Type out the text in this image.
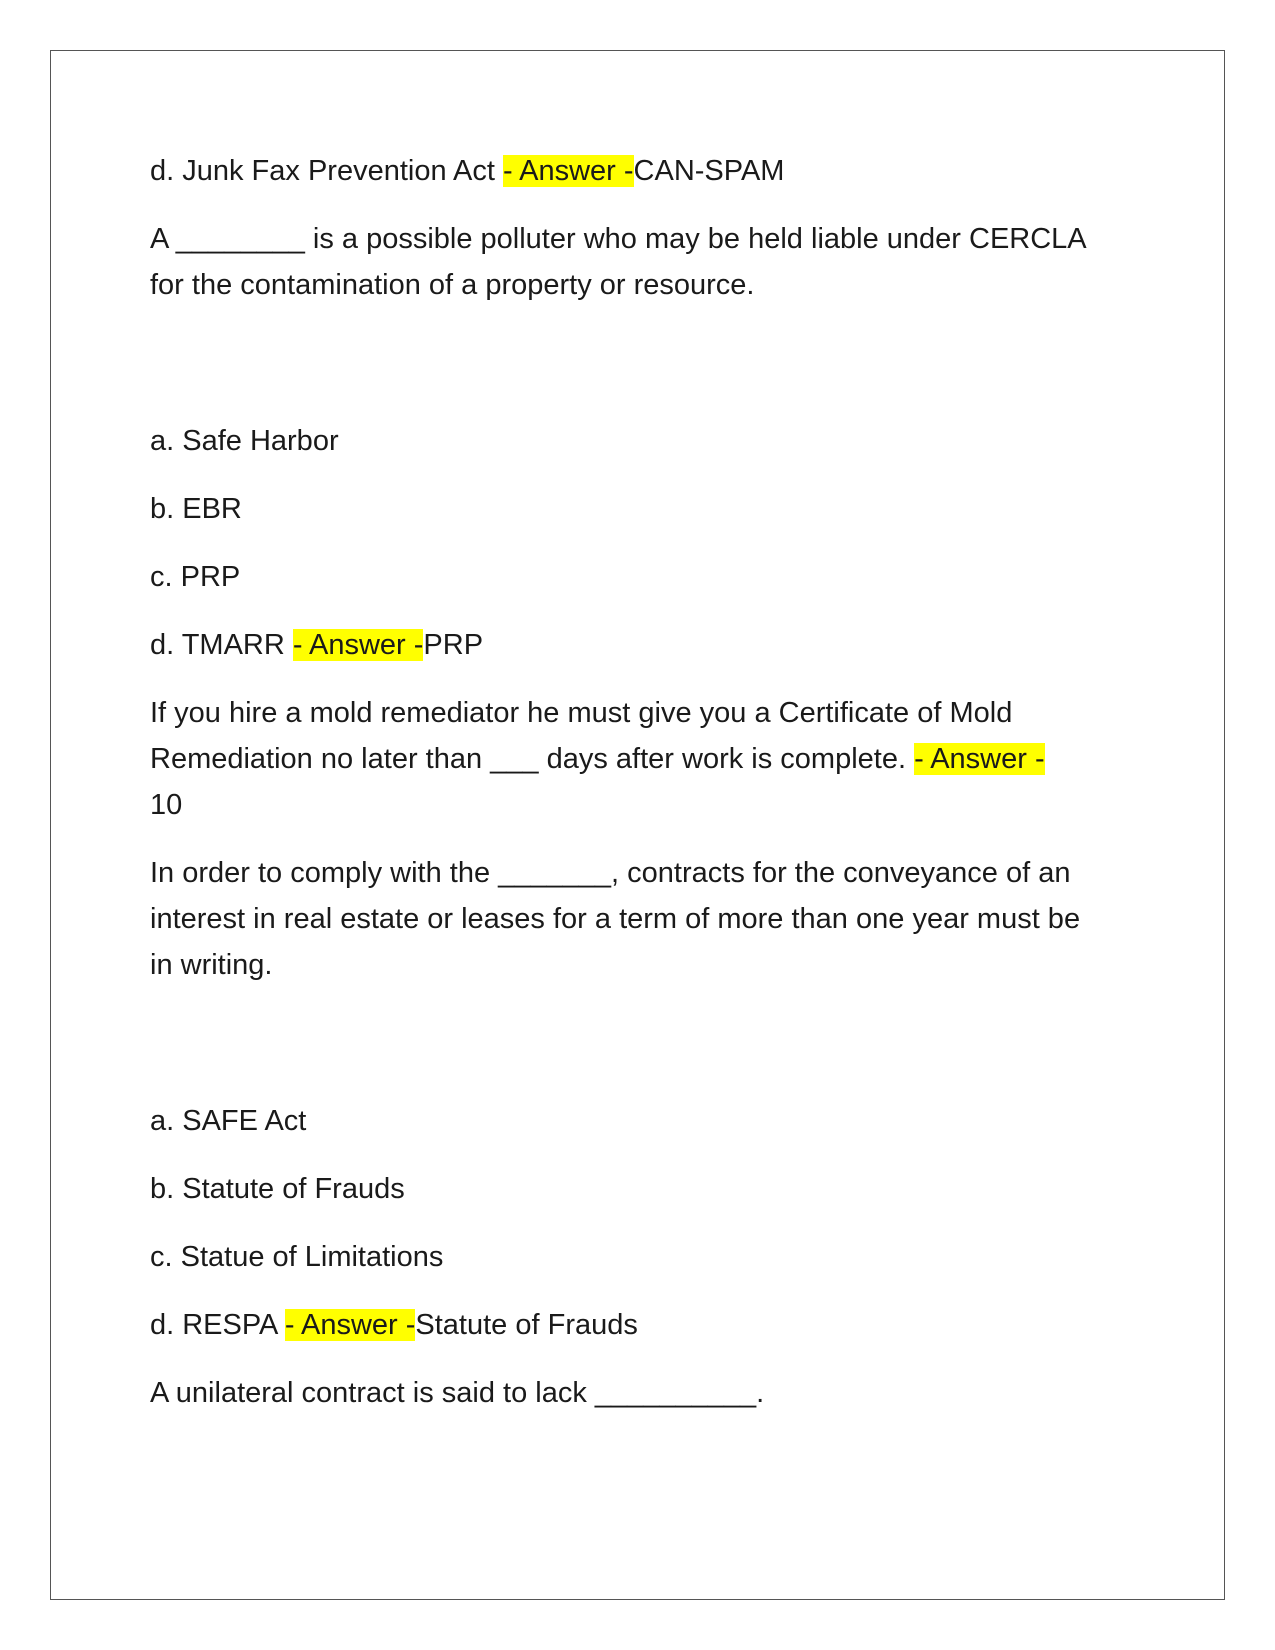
d. Junk Fax Prevention Act - Answer -CAN-SPAM

A ________ is a possible polluter who may be held liable under CERCLA for the contamination of a property or resource.

a. Safe Harbor

b. EBR

c. PRP

d. TMARR - Answer -PRP

If you hire a mold remediator he must give you a Certificate of Mold Remediation no later than ___ days after work is complete. - Answer -
10

In order to comply with the _______, contracts for the conveyance of an interest in real estate or leases for a term of more than one year must be in writing.

a. SAFE Act

b. Statute of Frauds

c. Statue of Limitations

d. RESPA - Answer -Statute of Frauds

A unilateral contract is said to lack __________.
